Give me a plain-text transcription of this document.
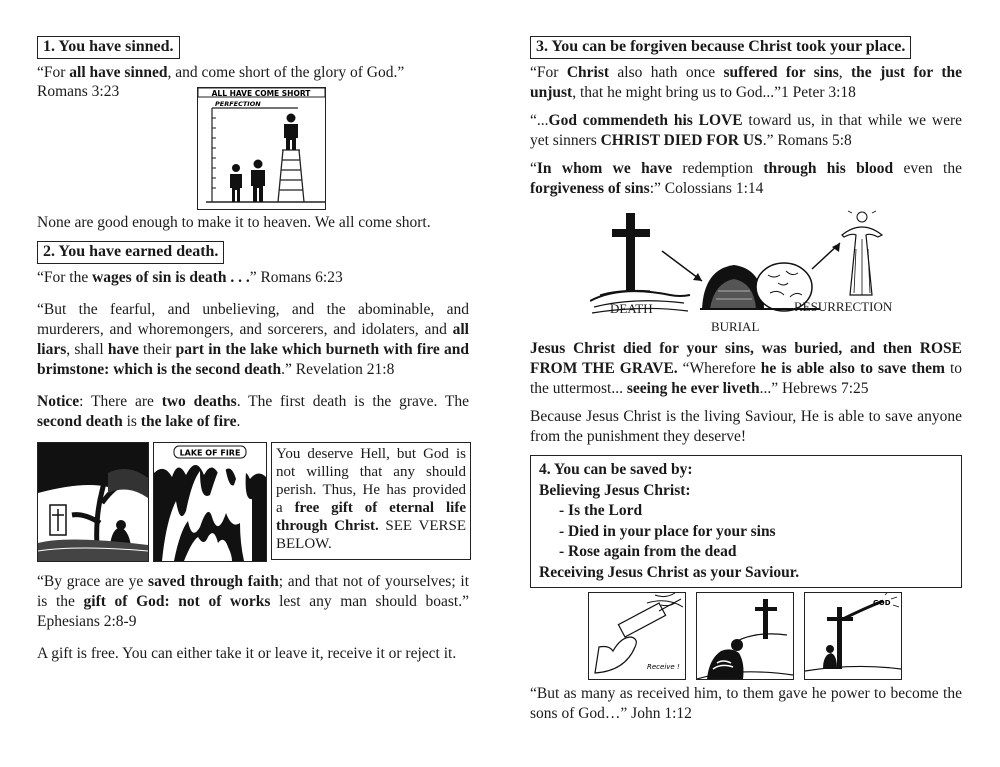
1. You have sinned.

“For all have sinned, and come short of the glory of God.”

Romans 3:23	ALL HAVE COME SHORT
PERFECTION

None are good enough to make it to heaven. We all come short.

2. You have earned death.

“For the wages of sin is death . . .” Romans 6:23

“But the fearful, and unbelieving, and the abominable, and murderers, and whoremongers, and sorcerers, and idolaters, and all liars, shall have their part in the lake which burneth with fire and brimstone: which is the second death.” Revelation 21:8

Notice: There are two deaths. The first death is the grave. The second death is the lake of fire.

LAKE OF FIRE	You deserve Hell, but God is not willing that any should perish. Thus, He has provided a free gift of eternal life through Christ. SEE VERSE BELOW.

“By grace are ye saved through faith; and that not of yourselves; it is the gift of God: not of works lest any man should boast.” Ephesians 2:8-9

A gift is free. You can either take it or leave it, receive it or reject it.

3. You can be forgiven because Christ took your place.

“For Christ also hath once suffered for sins, the just for the unjust, that he might bring us to God...”1 Peter 3:18

“...God commendeth his LOVE toward us, in that while we were yet sinners CHRIST DIED FOR US.” Romans 5:8

“In whom we have redemption through his blood even the forgiveness of sins:” Colossians 1:14

DEATH
BURIAL
RESURRECTION

Jesus Christ died for your sins, was buried, and then ROSE FROM THE GRAVE. “Wherefore he is able also to save them to the uttermost... seeing he ever liveth...” Hebrews 7:25

Because Jesus Christ is the living Saviour, He is able to save anyone from the punishment they deserve!

4. You can be saved by:
Believing Jesus Christ:
- Is the Lord
- Died in your place for your sins
- Rose again from the dead
Receiving Jesus Christ as your Saviour.
Receive !
GOD

“But as many as received him, to them gave he power to become the sons of God…” John 1:12
